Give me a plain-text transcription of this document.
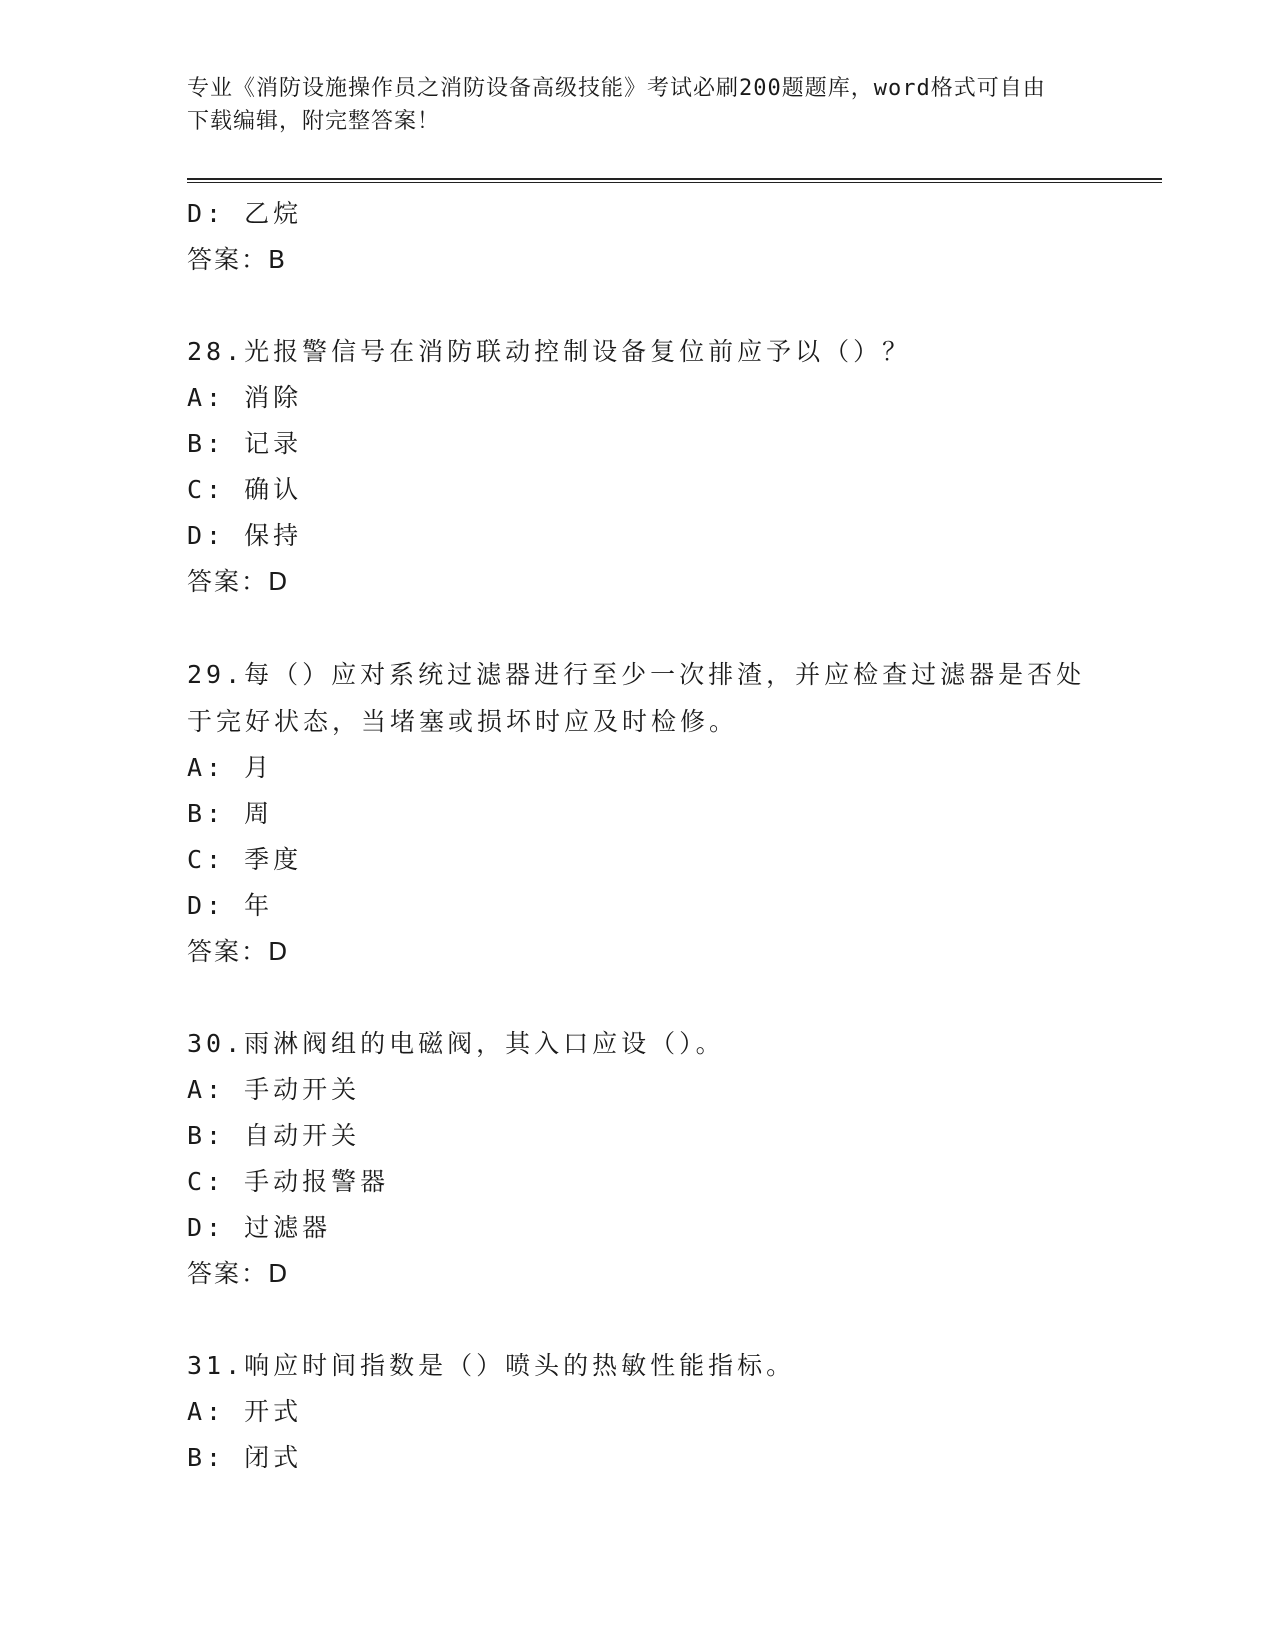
专业《消防设施操作员之消防设备高级技能》考试必刷200题题库，word格式可自由下载编辑，附完整答案！
D: 乙烷
答案：B
28.光报警信号在消防联动控制设备复位前应予以（）？
A: 消除
B: 记录
C: 确认
D: 保持
答案：D
29.每（）应对系统过滤器进行至少一次排渣，并应检查过滤器是否处于完好状态，当堵塞或损坏时应及时检修。
A: 月
B: 周
C: 季度
D: 年
答案：D
30.雨淋阀组的电磁阀，其入口应设（）。
A: 手动开关
B: 自动开关
C: 手动报警器
D: 过滤器
答案：D
31.响应时间指数是（）喷头的热敏性能指标。
A: 开式
B: 闭式
